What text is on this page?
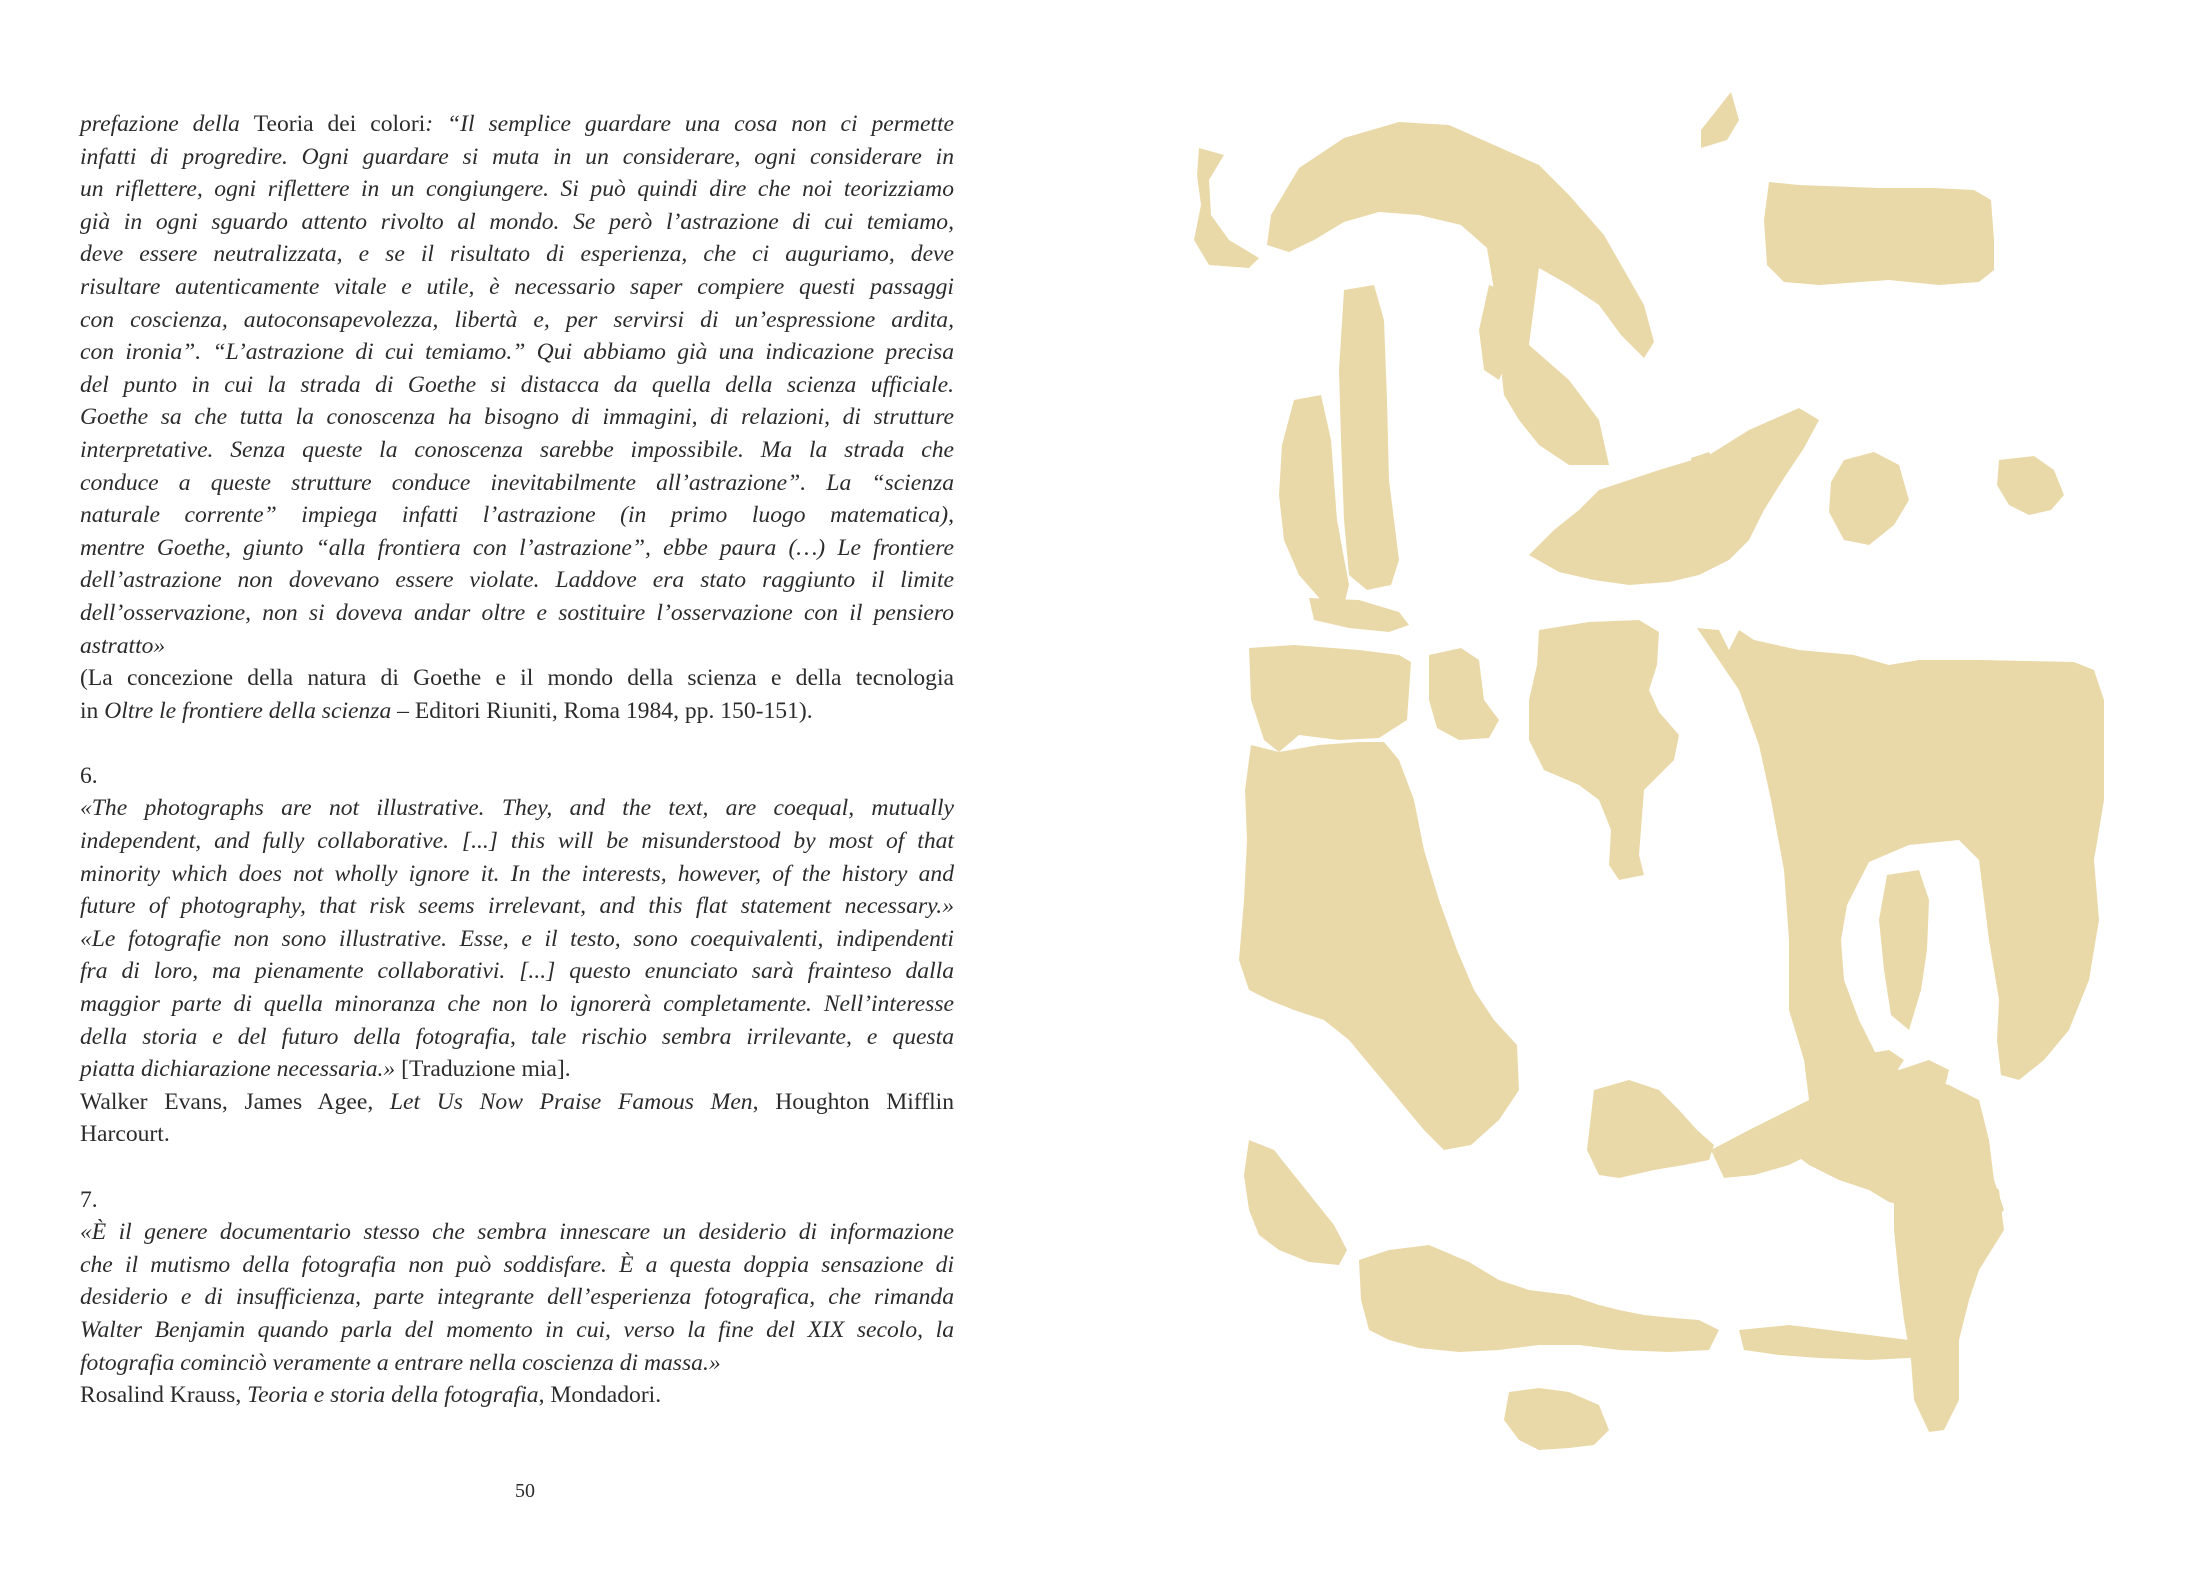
prefazione della Teoria dei colori: “Il semplice guardare una cosa non ci permette
infatti di progredire. Ogni guardare si muta in un considerare, ogni considerare in
un riflettere, ogni riflettere in un congiungere. Si può quindi dire che noi teorizziamo
già in ogni sguardo attento rivolto al mondo. Se però l’astrazione di cui temiamo,
deve essere neutralizzata, e se il risultato di esperienza, che ci auguriamo, deve
risultare autenticamente vitale e utile, è necessario saper compiere questi passaggi
con coscienza, autoconsapevolezza, libertà e, per servirsi di un’espressione ardita,
con ironia”. “L’astrazione di cui temiamo.” Qui abbiamo già una indicazione precisa
del punto in cui la strada di Goethe si distacca da quella della scienza ufficiale.
Goethe sa che tutta la conoscenza ha bisogno di immagini, di relazioni, di strutture
interpretative. Senza queste la conoscenza sarebbe impossibile. Ma la strada che
conduce a queste strutture conduce inevitabilmente all’astrazione”. La “scienza
naturale corrente” impiega infatti l’astrazione (in primo luogo matematica),
mentre Goethe, giunto “alla frontiera con l’astrazione”, ebbe paura (…) Le frontiere
dell’astrazione non dovevano essere violate. Laddove era stato raggiunto il limite
dell’osservazione, non si doveva andar oltre e sostituire l’osservazione con il pensiero
astratto»
(La concezione della natura di Goethe e il mondo della scienza e della tecnologia
in Oltre le frontiere della scienza – Editori Riuniti, Roma 1984, pp. 150-151).
6.
«The photographs are not illustrative. They, and the text, are coequal, mutually
independent, and fully collaborative. [...] this will be misunderstood by most of that
minority which does not wholly ignore it. In the interests, however, of the history and
future of photography, that risk seems irrelevant, and this flat statement necessary.»
«Le fotografie non sono illustrative. Esse, e il testo, sono coequivalenti, indipendenti
fra di loro, ma pienamente collaborativi. [...] questo enunciato sarà frainteso dalla
maggior parte di quella minoranza che non lo ignorerà completamente. Nell’interesse
della storia e del futuro della fotografia, tale rischio sembra irrilevante, e questa
piatta dichiarazione necessaria.» [Traduzione mia].
Walker Evans, James Agee, Let Us Now Praise Famous Men, Houghton Mifflin
Harcourt.
7.
«È il genere documentario stesso che sembra innescare un desiderio di informazione
che il mutismo della fotografia non può soddisfare. È a questa doppia sensazione di
desiderio e di insufficienza, parte integrante dell’esperienza fotografica, che rimanda
Walter Benjamin quando parla del momento in cui, verso la fine del XIX secolo, la
fotografia cominciò veramente a entrare nella coscienza di massa.»
Rosalind Krauss, Teoria e storia della fotografia, Mondadori.
50
